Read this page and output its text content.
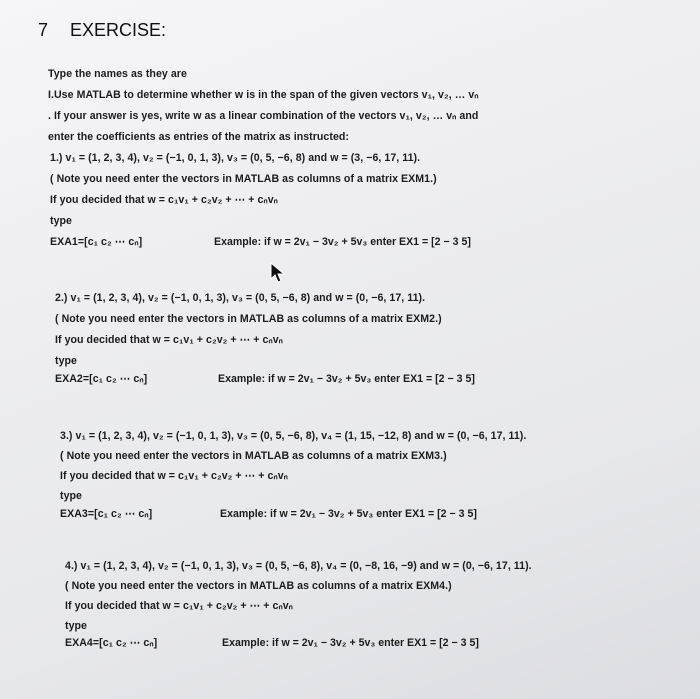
7 EXERCISE:
Type the names as they are
I.Use MATLAB to determine whether w is in the span of the given vectors v₁, v₂, … vₙ
. If your answer is yes, write w as a linear combination of the vectors v₁, v₂, … vₙ and
enter the coefficients as entries of the matrix as instructed:
1.) v₁ = (1, 2, 3, 4), v₂ = (−1, 0, 1, 3), v₃ = (0, 5, −6, 8) and w = (3, −6, 17, 11).
( Note you need enter the vectors in MATLAB as columns of a matrix EXM1.)
If you decided that w = c₁v₁ + c₂v₂ + ⋯ + cₙvₙ
type
EXA1=[c₁ c₂ ⋯ cₙ]	Example: if w = 2v₁ − 3v₂ + 5v₃ enter EX1 = [2 − 3 5]
2.) v₁ = (1, 2, 3, 4), v₂ = (−1, 0, 1, 3), v₃ = (0, 5, −6, 8) and w = (0, −6, 17, 11).
( Note you need enter the vectors in MATLAB as columns of a matrix EXM2.)
If you decided that w = c₁v₁ + c₂v₂ + ⋯ + cₙvₙ
type
EXA2=[c₁ c₂ ⋯ cₙ]	Example: if w = 2v₁ − 3v₂ + 5v₃ enter EX1 = [2 − 3 5]
3.) v₁ = (1, 2, 3, 4), v₂ = (−1, 0, 1, 3), v₃ = (0, 5, −6, 8), v₄ = (1, 15, −12, 8) and w = (0, −6, 17, 11).
( Note you need enter the vectors in MATLAB as columns of a matrix EXM3.)
If you decided that w = c₁v₁ + c₂v₂ + ⋯ + cₙvₙ
type
EXA3=[c₁ c₂ ⋯ cₙ]	Example: if w = 2v₁ − 3v₂ + 5v₃ enter EX1 = [2 − 3 5]
4.) v₁ = (1, 2, 3, 4), v₂ = (−1, 0, 1, 3), v₃ = (0, 5, −6, 8), v₄ = (0, −8, 16, −9) and w = (0, −6, 17, 11).
( Note you need enter the vectors in MATLAB as columns of a matrix EXM4.)
If you decided that w = c₁v₁ + c₂v₂ + ⋯ + cₙvₙ
type
EXA4=[c₁ c₂ ⋯ cₙ]	Example: if w = 2v₁ − 3v₂ + 5v₃ enter EX1 = [2 − 3 5]
